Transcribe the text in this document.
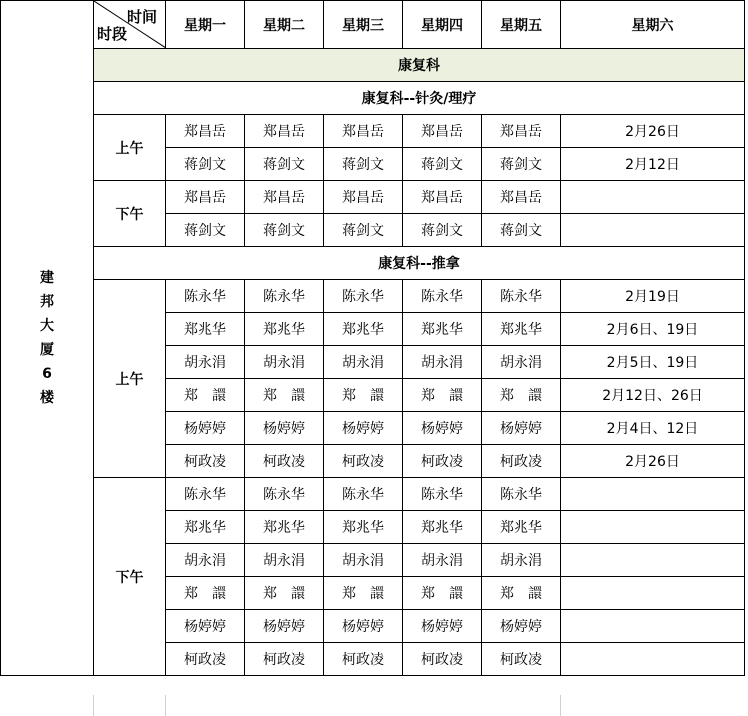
建邦大厦6楼	时间
时段	星期一	星期二	星期三	星期四	星期五	星期六
	康复科						
	康复科--针灸/理疗						
	上午	郑昌岳	郑昌岳	郑昌岳	郑昌岳	郑昌岳	2月26日
		蒋剑文	蒋剑文	蒋剑文	蒋剑文	蒋剑文	2月12日
	下午	郑昌岳	郑昌岳	郑昌岳	郑昌岳	郑昌岳	
		蒋剑文	蒋剑文	蒋剑文	蒋剑文	蒋剑文	
	康复科--推拿						
	上午	陈永华	陈永华	陈永华	陈永华	陈永华	2月19日
		郑兆华	郑兆华	郑兆华	郑兆华	郑兆华	2月6日、19日
		胡永涓	胡永涓	胡永涓	胡永涓	胡永涓	2月5日、19日
		郑　譞	郑　譞	郑　譞	郑　譞	郑　譞	2月12日、26日
		杨婷婷	杨婷婷	杨婷婷	杨婷婷	杨婷婷	2月4日、12日
		柯政凌	柯政凌	柯政凌	柯政凌	柯政凌	2月26日
	下午	陈永华	陈永华	陈永华	陈永华	陈永华	
		郑兆华	郑兆华	郑兆华	郑兆华	郑兆华	
		胡永涓	胡永涓	胡永涓	胡永涓	胡永涓	
		郑　譞	郑　譞	郑　譞	郑　譞	郑　譞	
		杨婷婷	杨婷婷	杨婷婷	杨婷婷	杨婷婷	
		柯政凌	柯政凌	柯政凌	柯政凌	柯政凌	
